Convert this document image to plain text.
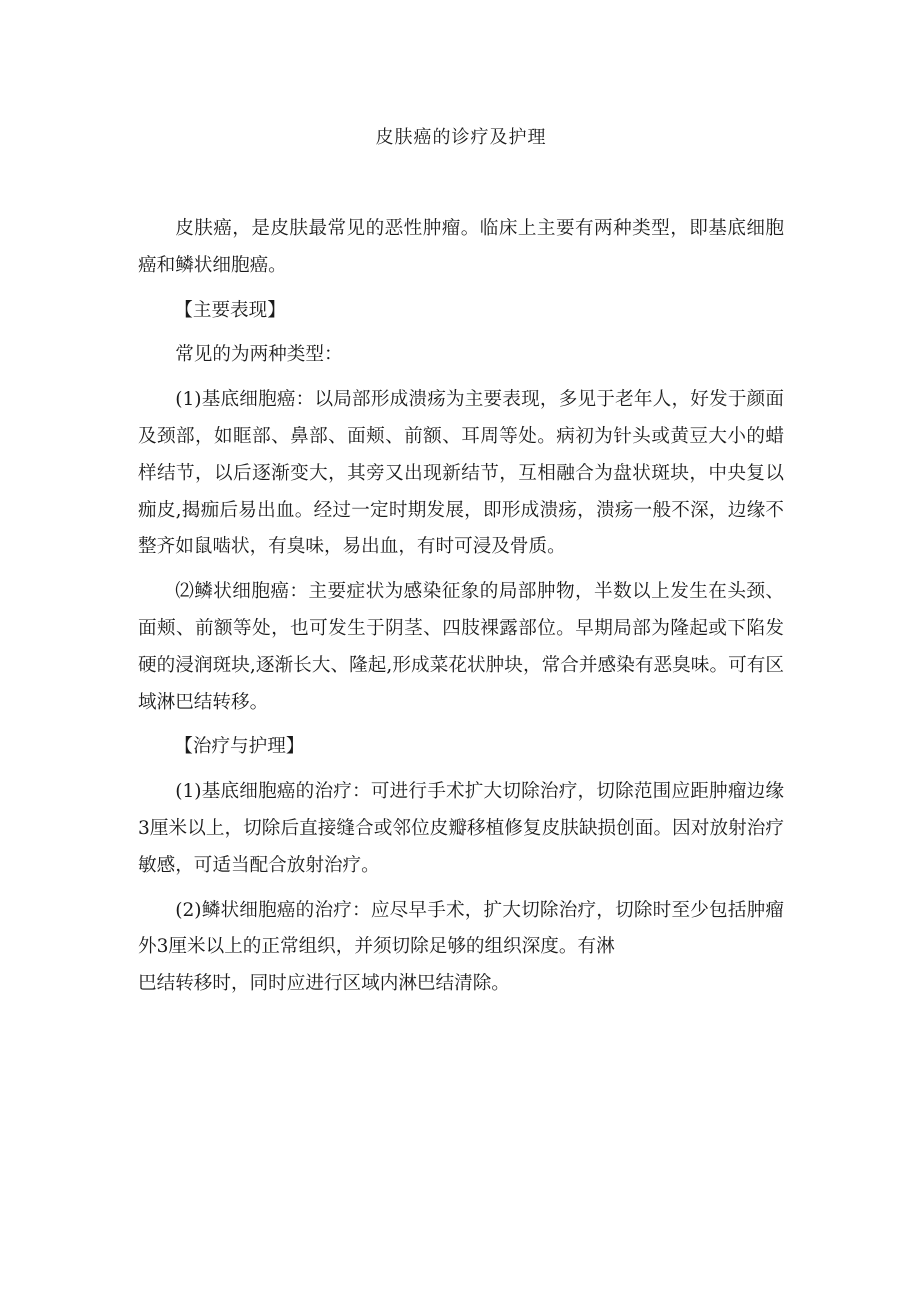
皮肤癌的诊疗及护理

皮肤癌，是皮肤最常见的恶性肿瘤。临床上主要有两种类型，即基底细胞癌和鳞状细胞癌。

【主要表现】

常见的为两种类型：

(1)基底细胞癌：以局部形成溃疡为主要表现，多见于老年人，好发于颜面及颈部，如眶部、鼻部、面颊、前额、耳周等处。病初为针头或黄豆大小的蜡样结节，以后逐渐变大，其旁又出现新结节，互相融合为盘状斑块，中央复以痂皮,揭痂后易出血。经过一定时期发展，即形成溃疡，溃疡一般不深，边缘不整齐如鼠啮状，有臭味，易出血，有时可浸及骨质。

⑵鳞状细胞癌：主要症状为感染征象的局部肿物，半数以上发生在头颈、面颊、前额等处，也可发生于阴茎、四肢裸露部位。早期局部为隆起或下陷发硬的浸润斑块,逐渐长大、隆起,形成菜花状肿块，常合并感染有恶臭味。可有区域淋巴结转移。

【治疗与护理】

(1)基底细胞癌的治疗：可进行手术扩大切除治疗，切除范围应距肿瘤边缘3厘米以上，切除后直接缝合或邻位皮瓣移植修复皮肤缺损创面。因对放射治疗敏感，可适当配合放射治疗。

(2)鳞状细胞癌的治疗：应尽早手术，扩大切除治疗，切除时至少包括肿瘤外3厘米以上的正常组织，并须切除足够的组织深度。有淋

巴结转移时，同时应进行区域内淋巴结清除。
